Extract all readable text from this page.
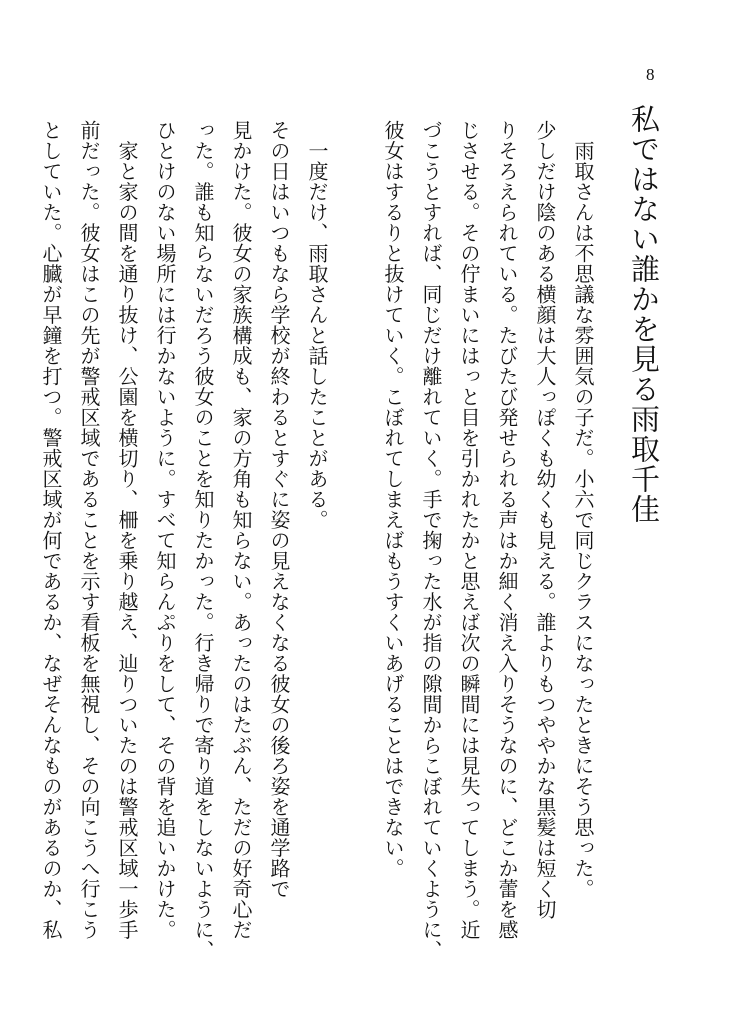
8
私ではない誰かを見る雨取千佳
　雨取さんは不思議な雰囲気の子だ。小六で同じクラスになったときにそう思った。
少しだけ陰のある横顔は大人っぽくも幼くも見える。誰よりもつややかな黒髪は短く切
りそろえられている。たびたび発せられる声はか細く消え入りそうなのに、どこか蕾を感
じさせる。その佇まいにはっと目を引かれたかと思えば次の瞬間には見失ってしまう。近
づこうとすれば、同じだけ離れていく。手で掬った水が指の隙間からこぼれていくように、
彼女はするりと抜けていく。こぼれてしまえばもうすくいあげることはできない。
　一度だけ、雨取さんと話したことがある。
その日はいつもなら学校が終わるとすぐに姿の見えなくなる彼女の後ろ姿を通学路で
見かけた。彼女の家族構成も、家の方角も知らない。あったのはたぶん、ただの好奇心だ
った。誰も知らないだろう彼女のことを知りたかった。行き帰りで寄り道をしないように、
ひとけのない場所には行かないように。すべて知らんぷりをして、その背を追いかけた。
　家と家の間を通り抜け、公園を横切り、柵を乗り越え、辿りついたのは警戒区域一歩手
前だった。彼女はこの先が警戒区域であることを示す看板を無視し、その向こうへ行こう
としていた。心臓が早鐘を打つ。警戒区域が何であるか、なぜそんなものがあるのか、私
